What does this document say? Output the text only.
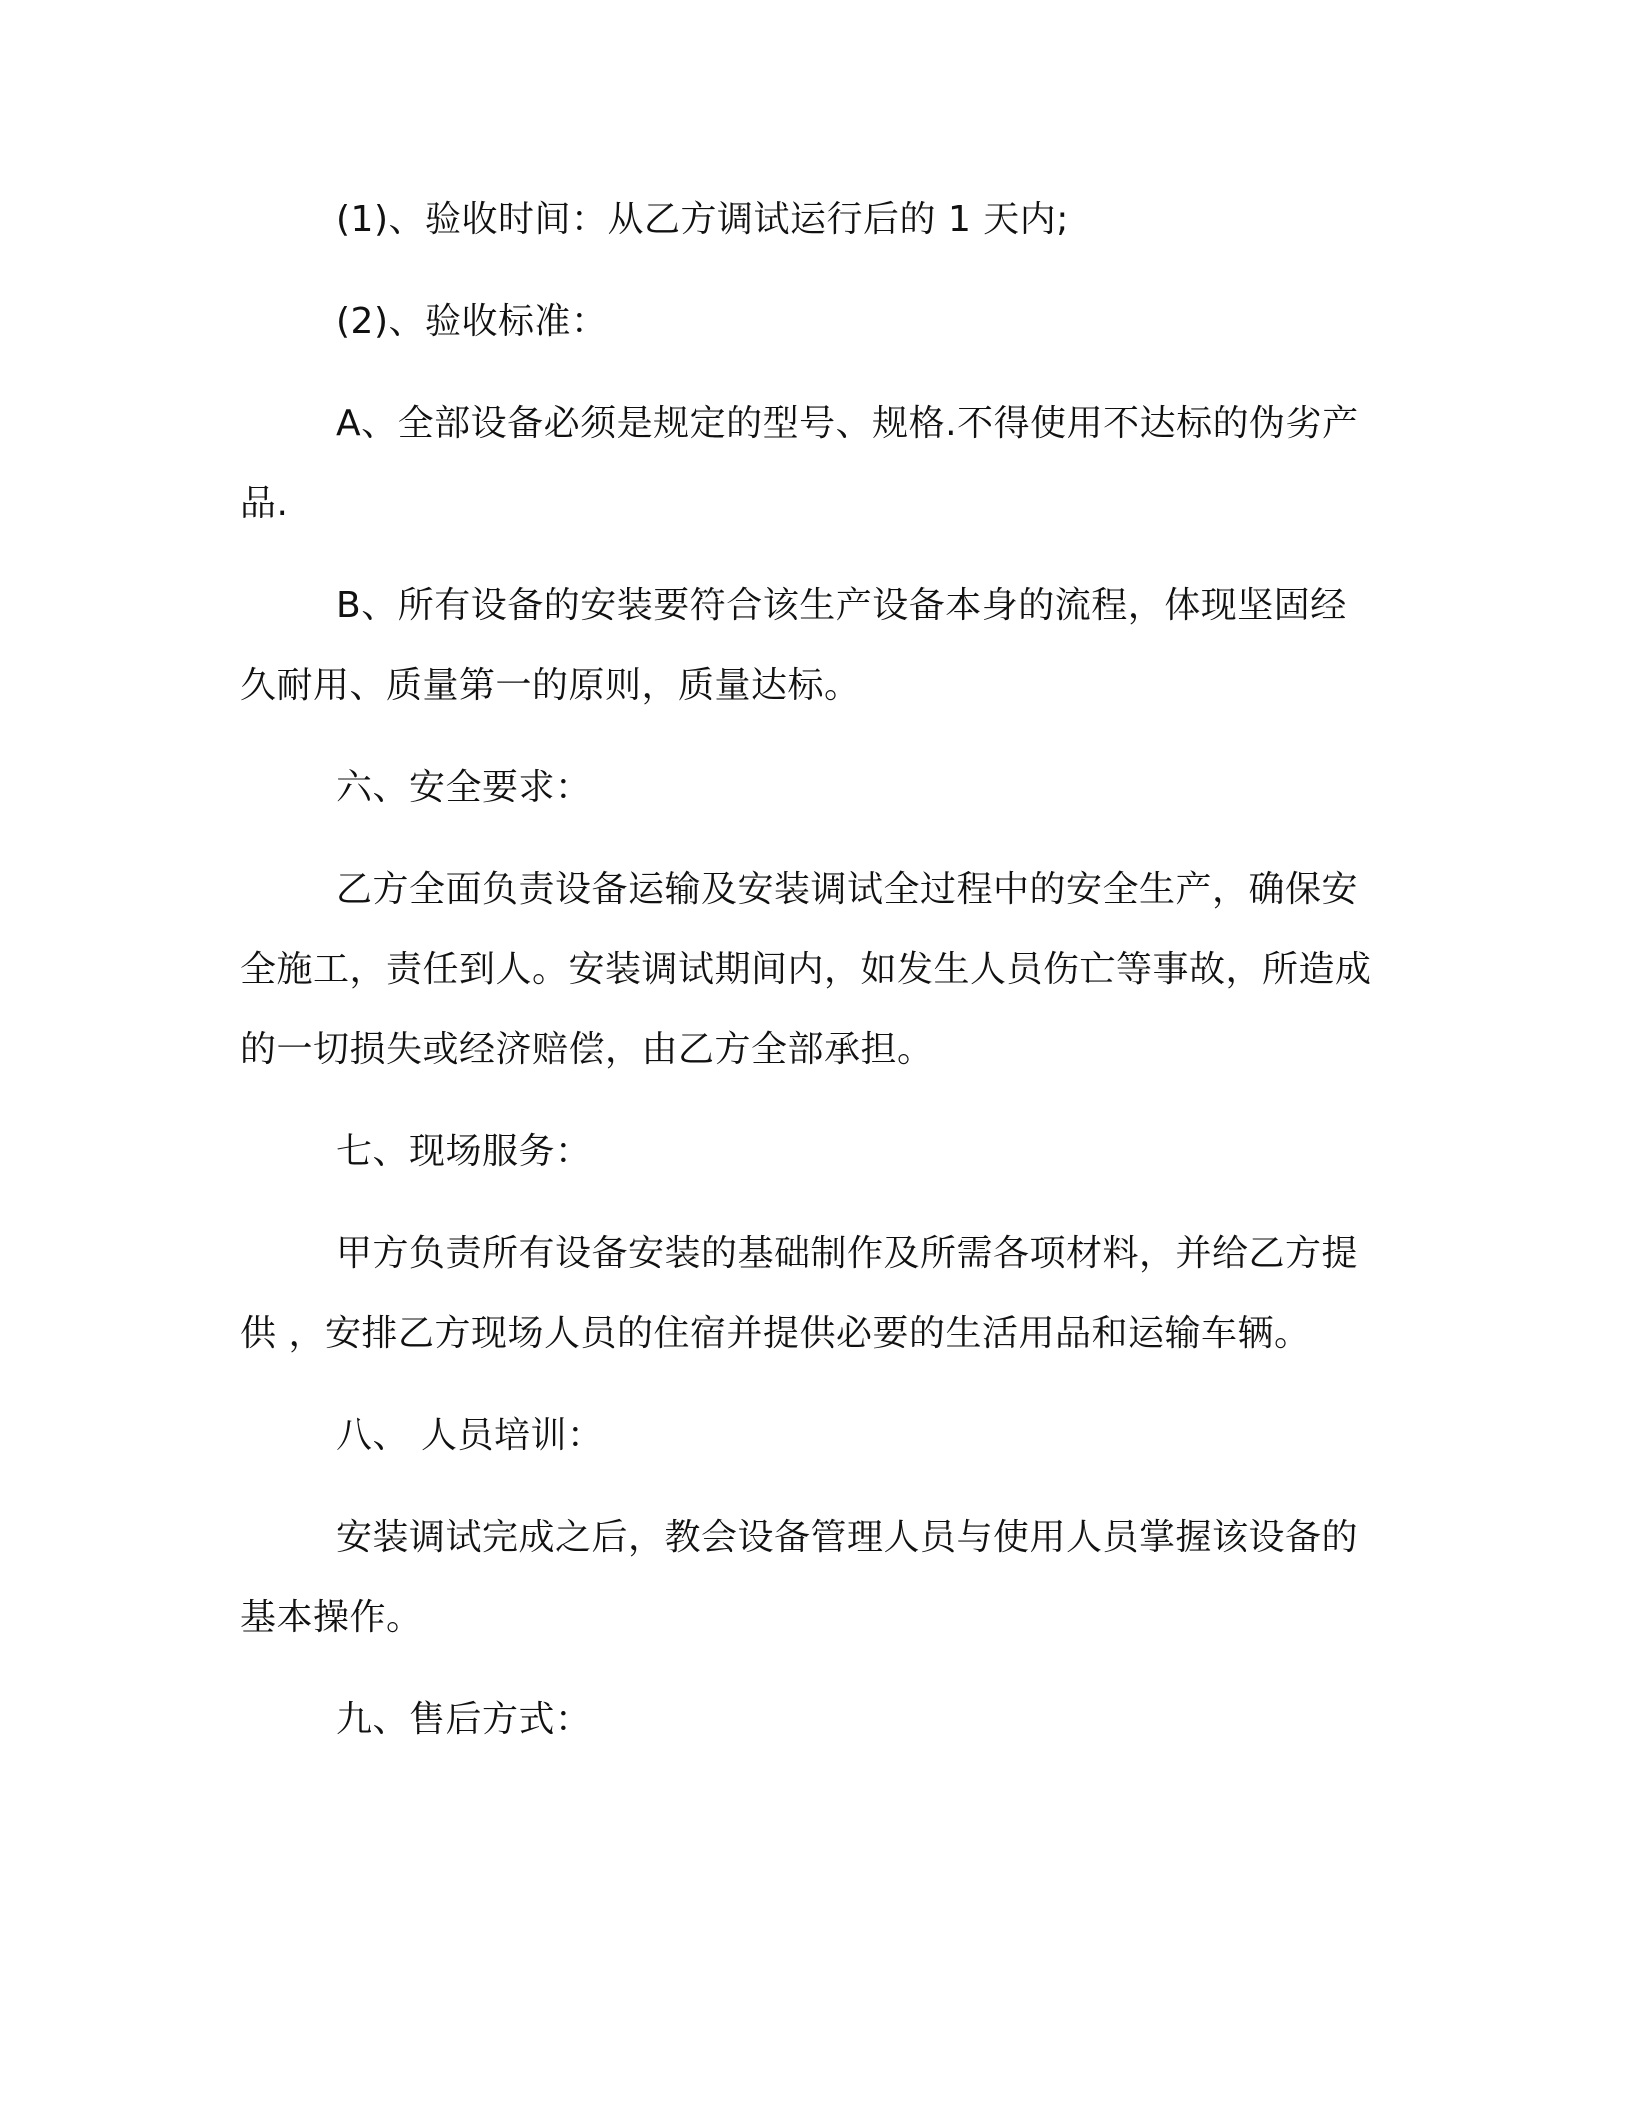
(1)、验收时间：从乙方调试运行后的 1 天内;

(2)、验收标准：

A、全部设备必须是规定的型号、规格.不得使用不达标的伪劣产品.

B、所有设备的安装要符合该生产设备本身的流程，体现坚固经久耐用、质量第一的原则，质量达标。

六、安全要求：

乙方全面负责设备运输及安装调试全过程中的安全生产，确保安全施工，责任到人。安装调试期间内，如发生人员伤亡等事故，所造成的一切损失或经济赔偿，由乙方全部承担。

七、现场服务：

甲方负责所有设备安装的基础制作及所需各项材料，并给乙方提供 ，安排乙方现场人员的住宿并提供必要的生活用品和运输车辆。

八、 人员培训：

安装调试完成之后，教会设备管理人员与使用人员掌握该设备的基本操作。

九、售后方式：
